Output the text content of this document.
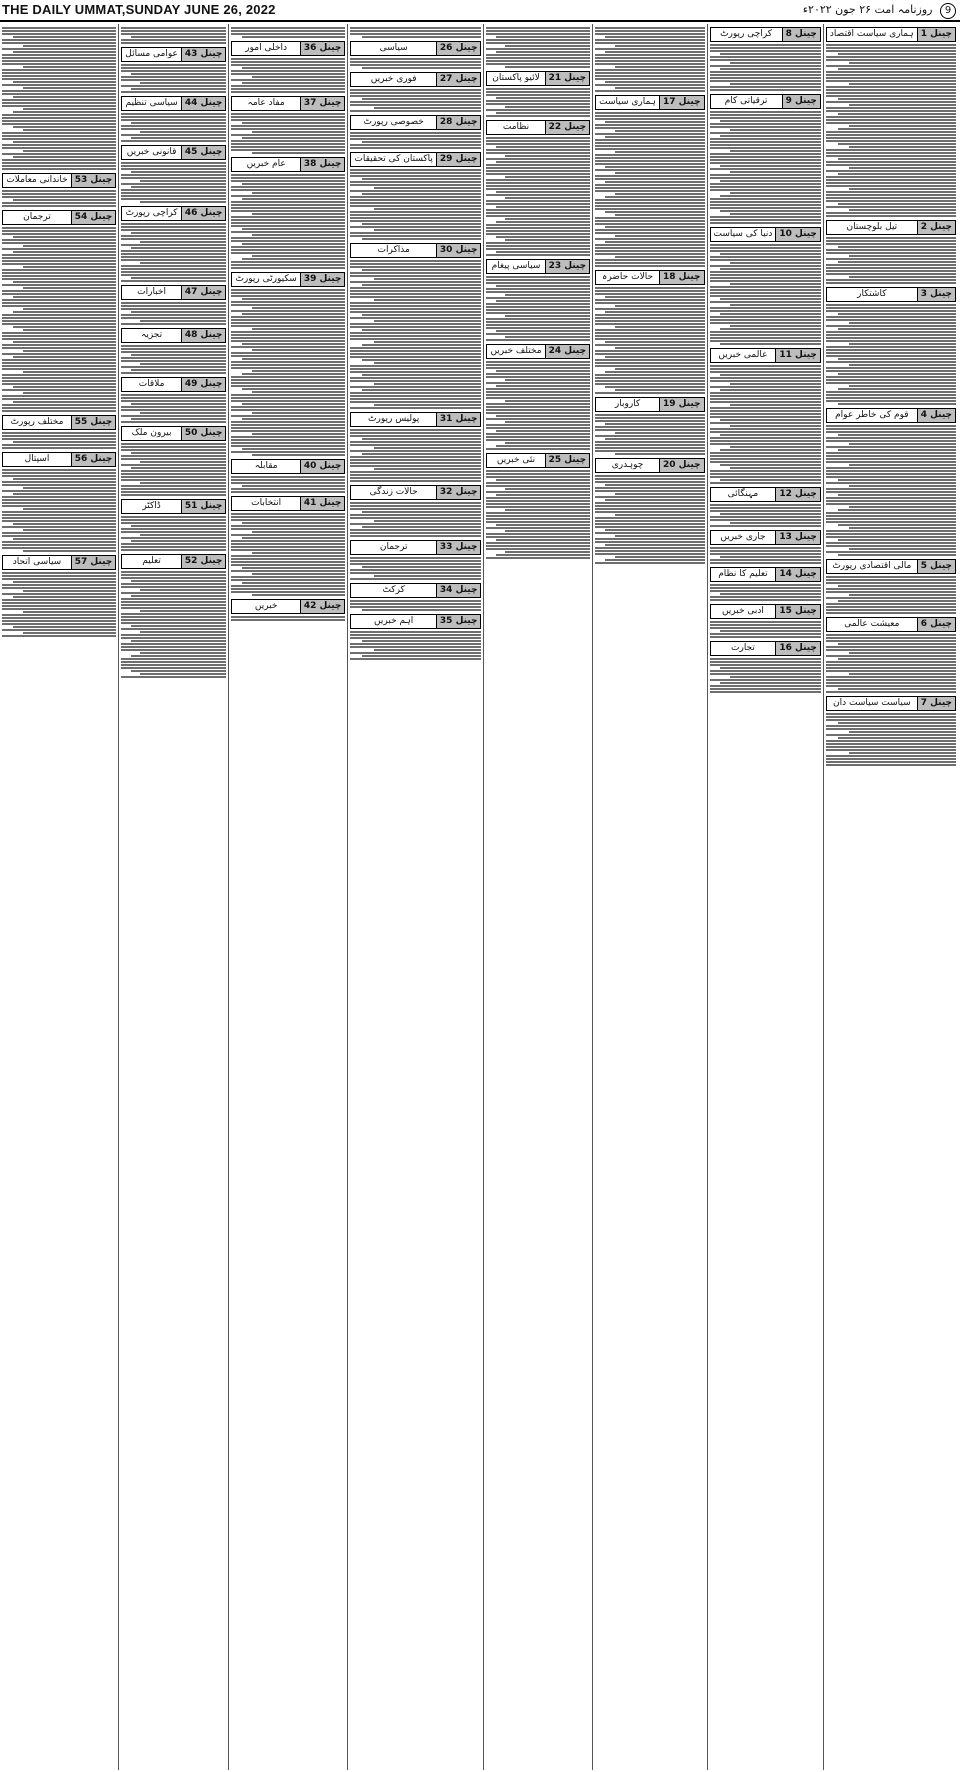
THE DAILY UMMAT,SUNDAY JUNE 26, 2022	9 روزنامہ امت ۲۶ جون ۲۰۲۲ء
چینل 1
ہماری سیاست اقتصاد
چینل 2
تیل بلوچستان
چینل 3
کاشتکار
چینل 4
قوم کی خاطر عوام
چینل 5
مالی اقتصادی رپورٹ
چینل 6
معیشت عالمی
چینل 7
سیاست سیاست دان
چینل 8
کراچی رپورٹ
چینل 9
ترقیاتی کام
چینل 10
دنیا کی سیاست
چینل 11
عالمی خبریں
چینل 12
مہنگائی
چینل 13
جاری خبریں
چینل 14
تعلیم کا نظام
چینل 15
ادبی خبریں
چینل 16
تجارت
چینل 17
ہماری سیاست
چینل 18
حالات حاضرہ
چینل 19
کاروبار
چینل 20
چوہدری
چینل 21
لائیو پاکستان
چینل 22
نظامت
چینل 23
سیاسی پیغام
چینل 24
مختلف خبریں
چینل 25
نئی خبریں
چینل 26
سیاسی
چینل 27
فوری خبریں
چینل 28
خصوصی رپورٹ
چینل 29
پاکستان کی تحقیقات
چینل 30
مذاکرات
چینل 31
پولیس رپورٹ
چینل 32
حالات زندگی
چینل 33
ترجمان
چینل 34
کرکٹ
چینل 35
اہم خبریں
چینل 36
داخلی امور
چینل 37
مفاد عامہ
چینل 38
عام خبریں
چینل 39
سکیورٹی رپورٹ
چینل 40
مقابلہ
چینل 41
انتخابات
چینل 42
خبریں
چینل 43
عوامی مسائل
چینل 44
سیاسی تنظیم
چینل 45
قانونی خبریں
چینل 46
کراچی رپورٹ
چینل 47
اخبارات
چینل 48
تجزیہ
چینل 49
ملاقات
چینل 50
بیرون ملک
چینل 51
ڈاکٹر
چینل 52
تعلیم
چینل 53
خاندانی معاملات
چینل 54
ترجمان
چینل 55
مختلف رپورٹ
چینل 56
اسپتال
چینل 57
سیاسی اتحاد
